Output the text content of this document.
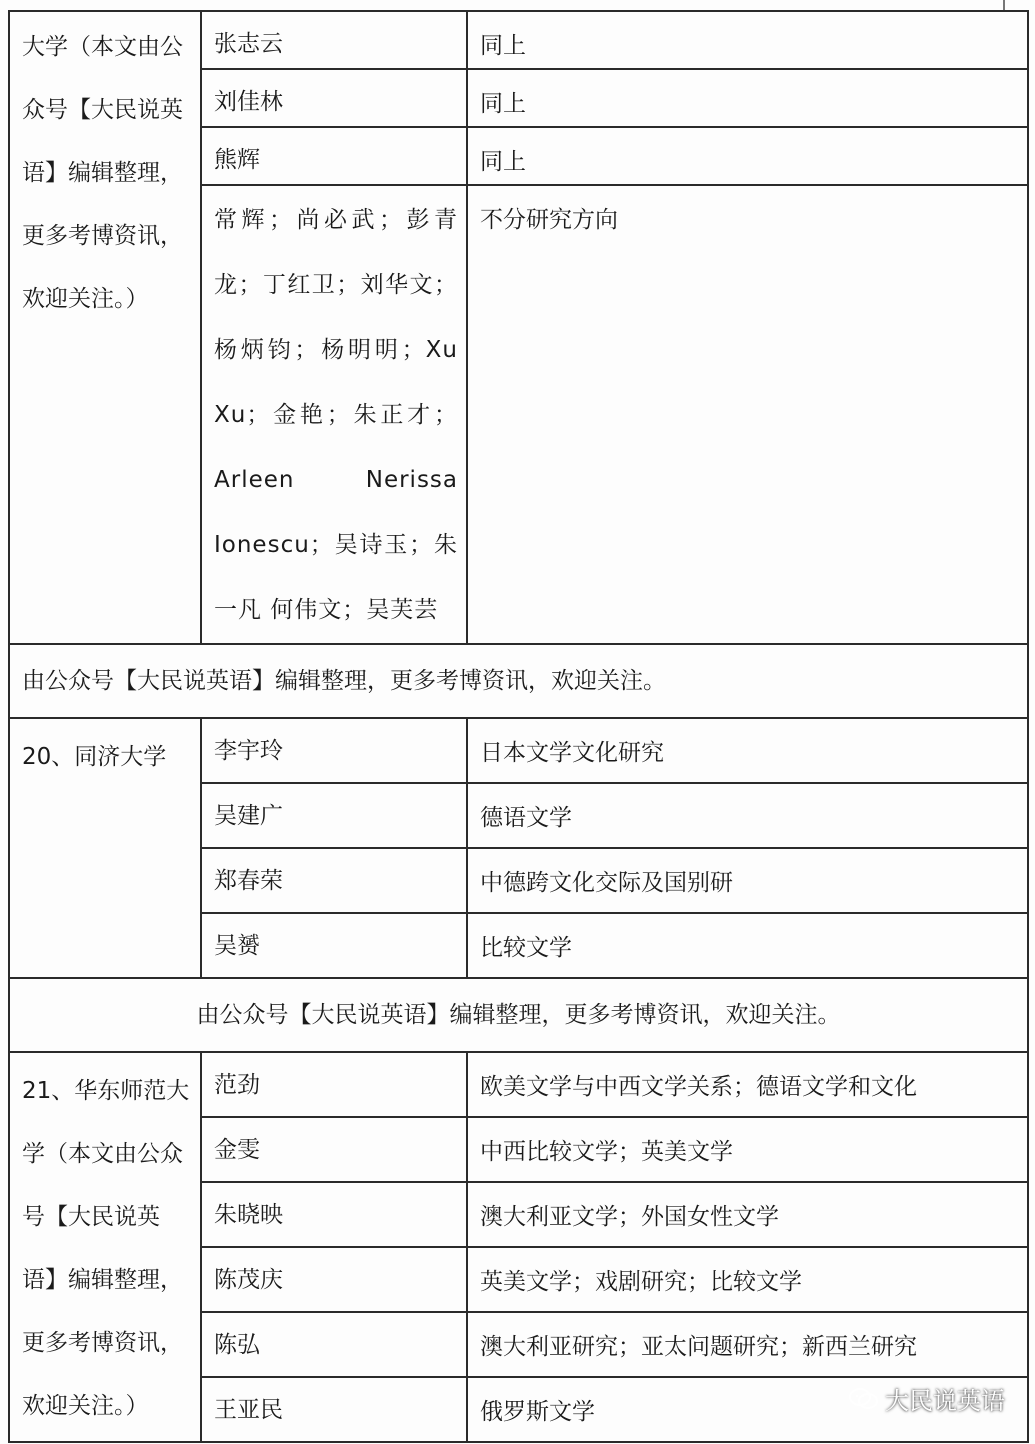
大学（本文由公众号【大民说英语】编辑整理，更多考博资讯，欢迎关注。）	张志云	同上
	刘佳林	同上
	熊辉	同上
	常辉；尚必武；彭青龙；丁红卫；刘华文；杨炳钧；杨明明；Xu Xu；金艳；朱正才；Arleen Nerissa Ionescu；吴诗玉；朱一凡 何伟文；吴芙芸	不分研究方向
由公众号【大民说英语】编辑整理，更多考博资讯，欢迎关注。		
20、同济大学	李宇玲	日本文学文化研究
	吴建广	德语文学
	郑春荣	中德跨文化交际及国别研
	吴赟	比较文学
由公众号【大民说英语】编辑整理，更多考博资讯，欢迎关注。		
21、华东师范大学（本文由公众号【大民说英语】编辑整理，更多考博资讯，欢迎关注。）	范劲	欧美文学与中西文学关系；德语文学和文化
	金雯	中西比较文学；英美文学
	朱晓映	澳大利亚文学；外国女性文学
	陈茂庆	英美文学；戏剧研究；比较文学
	陈弘	澳大利亚研究；亚太问题研究；新西兰研究
	王亚民	俄罗斯文学	大民说英语
